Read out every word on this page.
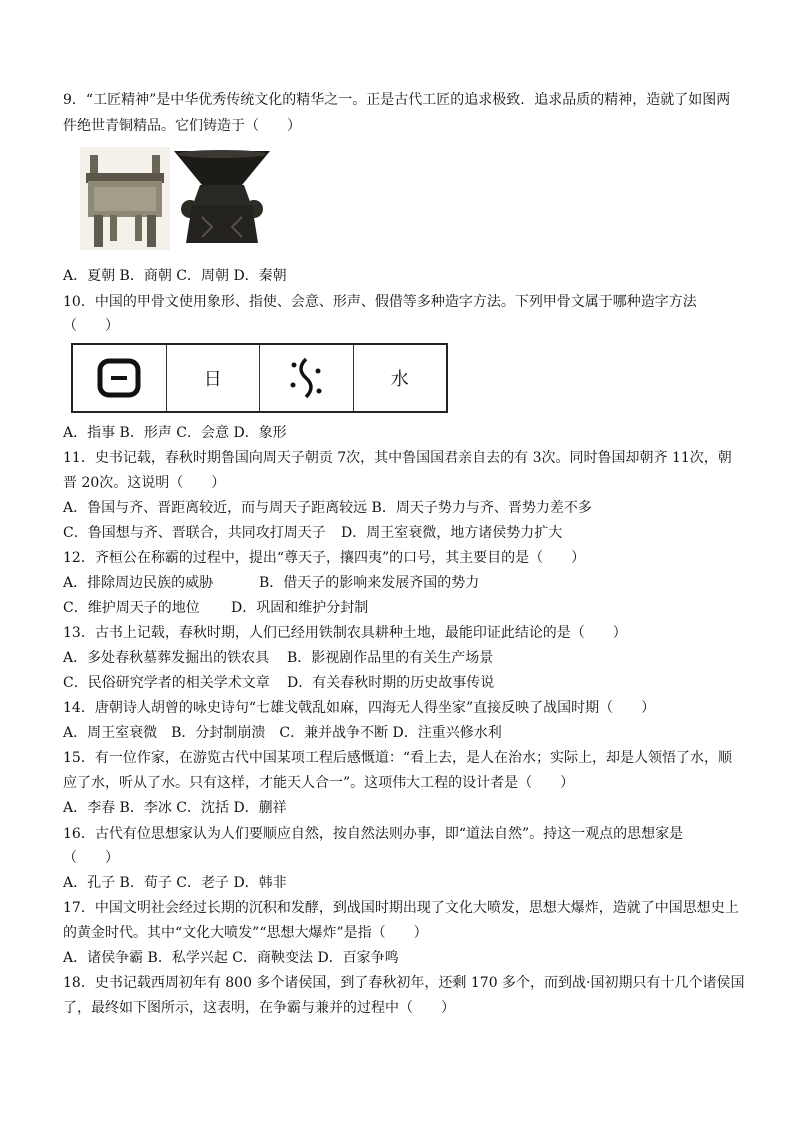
9．“工匠精神”是中华优秀传统文化的精华之一。正是古代工匠的追求极致．追求品质的精神，造就了如图两
件绝世青铜精品。它们铸造于（　　）
A．夏朝 B．商朝 C．周朝 D．秦朝
10．中国的甲骨文使用象形、指使、会意、形声、假借等多种造字方法。下列甲骨文属于哪种造字方法
（　　）
日	水
A．指事 B．形声 C．会意 D．象形
11．史书记载，春秋时期鲁国向周天子朝贡 7次，其中鲁国国君亲自去的有 3次。同时鲁国却朝齐 11次，朝
晋 20次。这说明（　　）
A．鲁国与齐、晋距离较近，而与周天子距离较远 B．周天子势力与齐、晋势力差不多
C．鲁国想与齐、晋联合，共同攻打周天子 D．周王室衰微，地方诸侯势力扩大
12．齐桓公在称霸的过程中，提出“尊天子，攘四夷”的口号，其主要目的是（　　）
A．排除周边民族的威胁	B．借天子的影响来发展齐国的势力
C．维护周天子的地位 D．巩固和维护分封制
13．古书上记载，春秋时期，人们已经用铁制农具耕种土地，最能印证此结论的是（　　）
A．多处春秋墓葬发掘出的铁农具 B．影视剧作品里的有关生产场景
C．民俗研究学者的相关学术文章 D．有关春秋时期的历史故事传说
14．唐朝诗人胡曾的咏史诗句“七雄戈戟乱如麻，四海无人得坐家”直接反映了战国时期（　　）
A．周王室衰微　B．分封制崩溃　C．兼并战争不断 D．注重兴修水利
15．有一位作家，在游览古代中国某项工程后感慨道：“看上去，是人在治水；实际上，却是人领悟了水，顺
应了水，听从了水。只有这样，才能天人合一”。这项伟大工程的设计者是（　　）
A．李春 B．李冰 C．沈括 D．蒯祥
16．古代有位思想家认为人们要顺应自然，按自然法则办事，即“道法自然”。持这一观点的思想家是
（　　）
A．孔子 B．荀子 C．老子 D．韩非
17．中国文明社会经过长期的沉积和发酵，到战国时期出现了文化大喷发，思想大爆炸，造就了中国思想史上
的黄金时代。其中“文化大喷发”“思想大爆炸”是指（　　）
A．诸侯争霸 B．私学兴起 C．商鞅变法 D．百家争鸣
18．史书记载西周初年有 800 多个诸侯国，到了春秋初年，还剩 170 多个，而到战·国初期只有十几个诸侯国
了，最终如下图所示，这表明，在争霸与兼并的过程中（　　）
